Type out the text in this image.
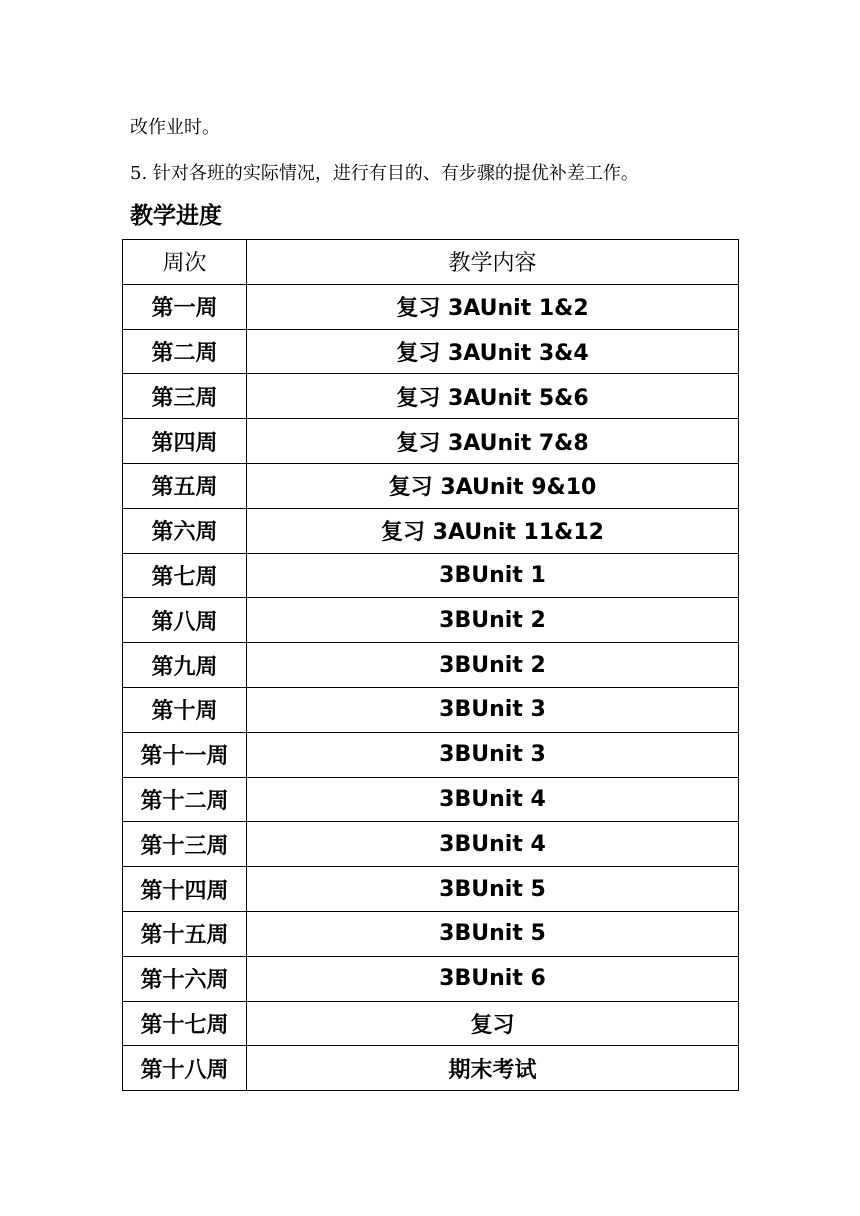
改作业时。
5. 针对各班的实际情况，进行有目的、有步骤的提优补差工作。
教学进度
周次	教学内容
第一周	复习 3AUnit 1&2
第二周	复习 3AUnit 3&4
第三周	复习 3AUnit 5&6
第四周	复习 3AUnit 7&8
第五周	复习 3AUnit 9&10
第六周	复习 3AUnit 11&12
第七周	3BUnit 1
第八周	3BUnit 2
第九周	3BUnit 2
第十周	3BUnit 3
第十一周	3BUnit 3
第十二周	3BUnit 4
第十三周	3BUnit 4
第十四周	3BUnit 5
第十五周	3BUnit 5
第十六周	3BUnit 6
第十七周	复习
第十八周	期末考试
